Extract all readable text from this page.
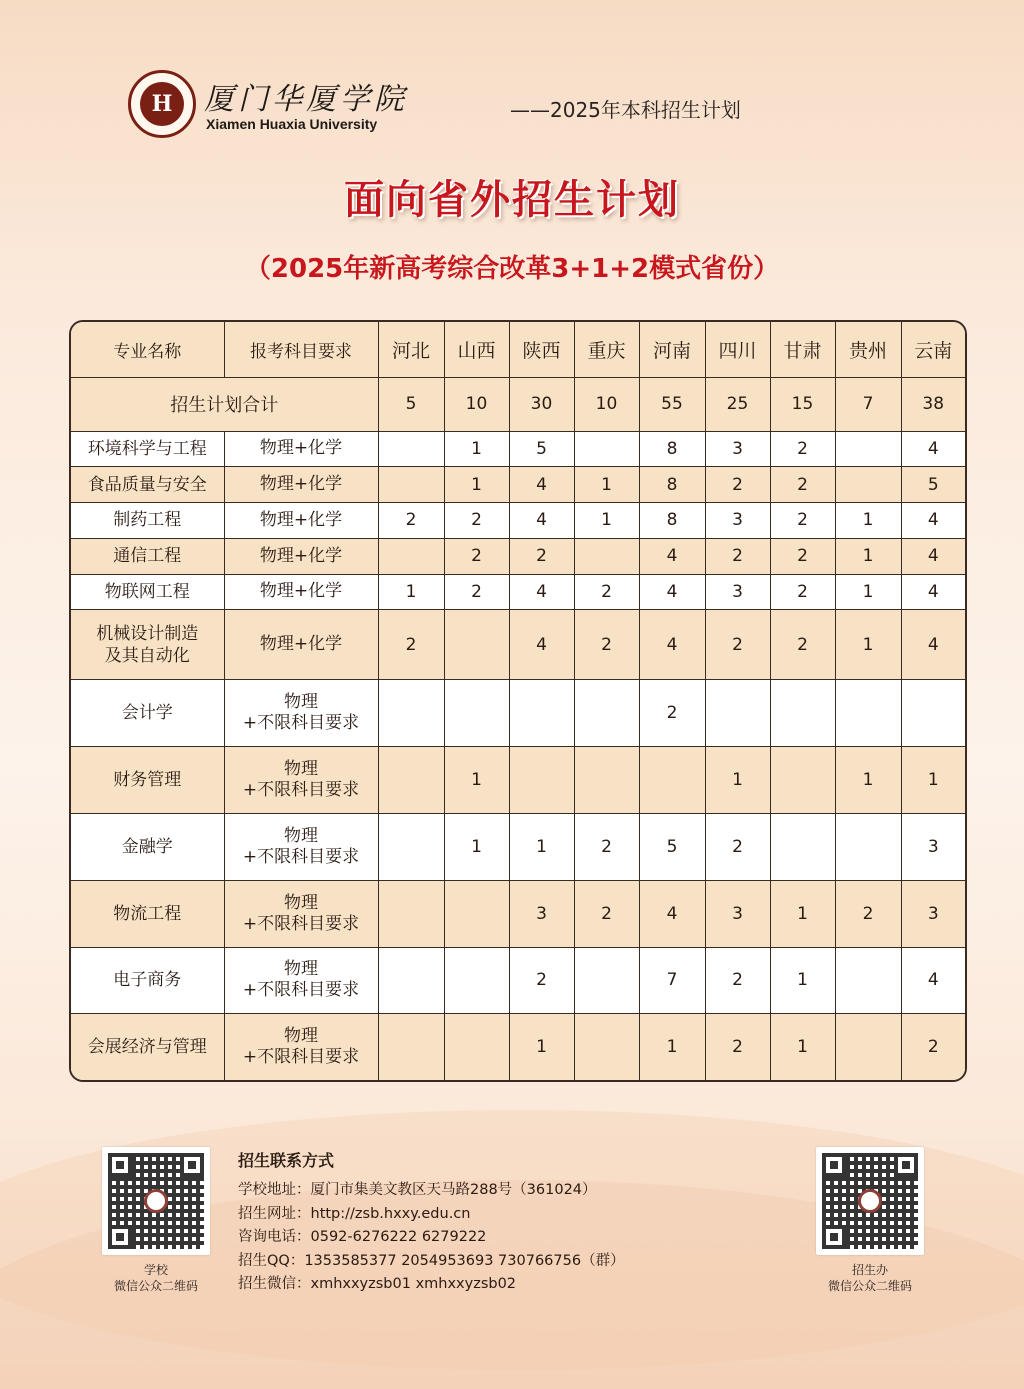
H	厦门华厦学院
Xiamen Huaxia University
——2025年本科招生计划
面向省外招生计划
（2025年新高考综合改革3+1+2模式省份）
专业名称	报考科目要求	河北	山西	陕西	重庆	河南	四川	甘肃	贵州	云南
招生计划合计		5	10	30	10	55	25	15	7	38
环境科学与工程	物理+化学		1	5		8	3	2		4
食品质量与安全	物理+化学		1	4	1	8	2	2		5
制药工程	物理+化学	2	2	4	1	8	3	2	1	4
通信工程	物理+化学		2	2		4	2	2	1	4
物联网工程	物理+化学	1	2	4	2	4	3	2	1	4
机械设计制造
及其自动化	物理+化学	2		4	2	4	2	2	1	4
会计学	物理
+不限科目要求					2				
财务管理	物理
+不限科目要求		1				1		1	1
金融学	物理
+不限科目要求		1	1	2	5	2			3
物流工程	物理
+不限科目要求			3	2	4	3	1	2	3
电子商务	物理
+不限科目要求			2		7	2	1		4
会展经济与管理	物理
+不限科目要求			1		1	2	1		2
学校
微信公众二维码
招生联系方式
学校地址：厦门市集美文教区天马路288号（361024）
招生网址：http://zsb.hxxy.edu.cn
咨询电话：0592-6276222 6279222
招生QQ：1353585377 2054953693 730766756（群）
招生微信：xmhxxyzsb01 xmhxxyzsb02
招生办
微信公众二维码
